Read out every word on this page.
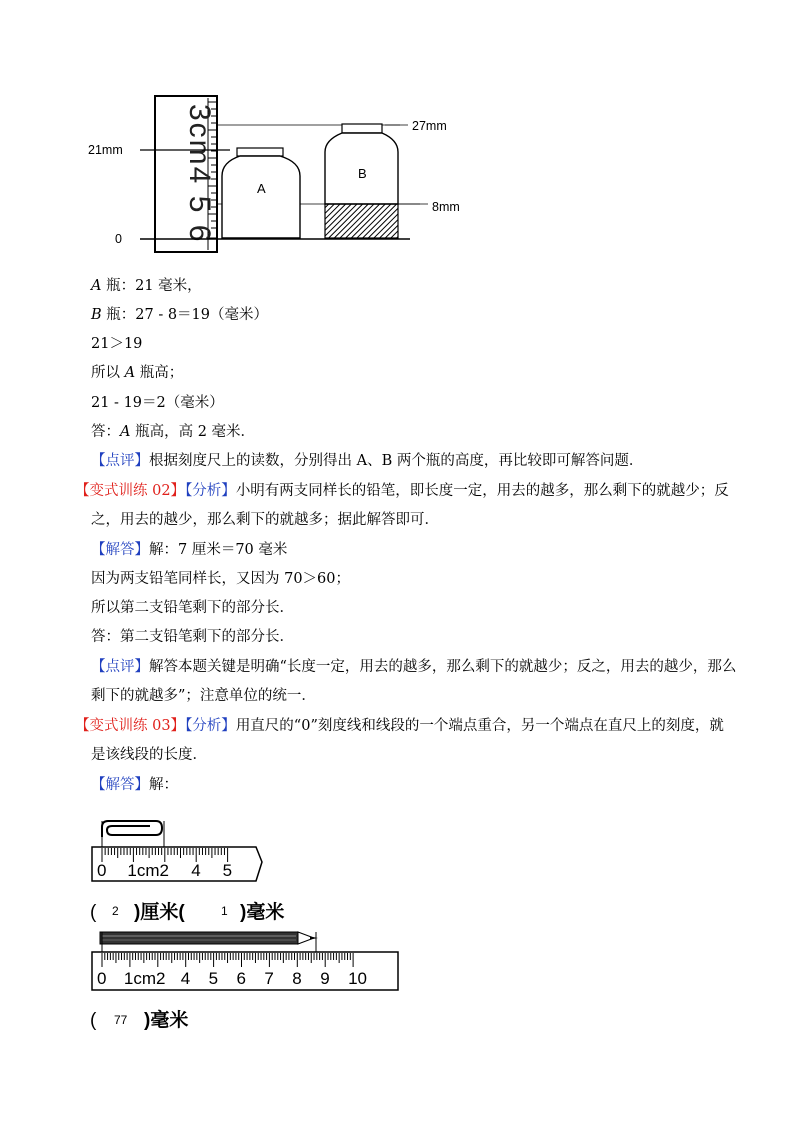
3cm4 5 6
21mm
0
27mm
8mm
A
B
A 瓶：21 毫米，
B 瓶：27 - 8＝19（毫米）
21＞19
所以 A 瓶高；
21 - 19＝2（毫米）
答：A 瓶高，高 2 毫米．
【点评】根据刻度尺上的读数，分别得出 A、B 两个瓶的高度，再比较即可解答问题．
【变式训练 02】【分析】小明有两支同样长的铅笔，即长度一定，用去的越多，那么剩下的就越少；反
之，用去的越少，那么剩下的就越多；据此解答即可．
【解答】解：7 厘米＝70 毫米
因为两支铅笔同样长，又因为 70＞60；
所以第二支铅笔剩下的部分长．
答：第二支铅笔剩下的部分长．
【点评】解答本题关键是明确“长度一定，用去的越多，那么剩下的就越少；反之，用去的越少，那么
剩下的就越多”；注意单位的统一．
【变式训练 03】【分析】用直尺的“0”刻度线和线段的一个端点重合，另一个端点在直尺上的刻度，就
是该线段的长度．
【解答】解：
0 1cm2 4 5
( 2 )厘米(	1 )毫米
0 1cm2 4 5 6 7 8 9 10
( 77 )毫米
